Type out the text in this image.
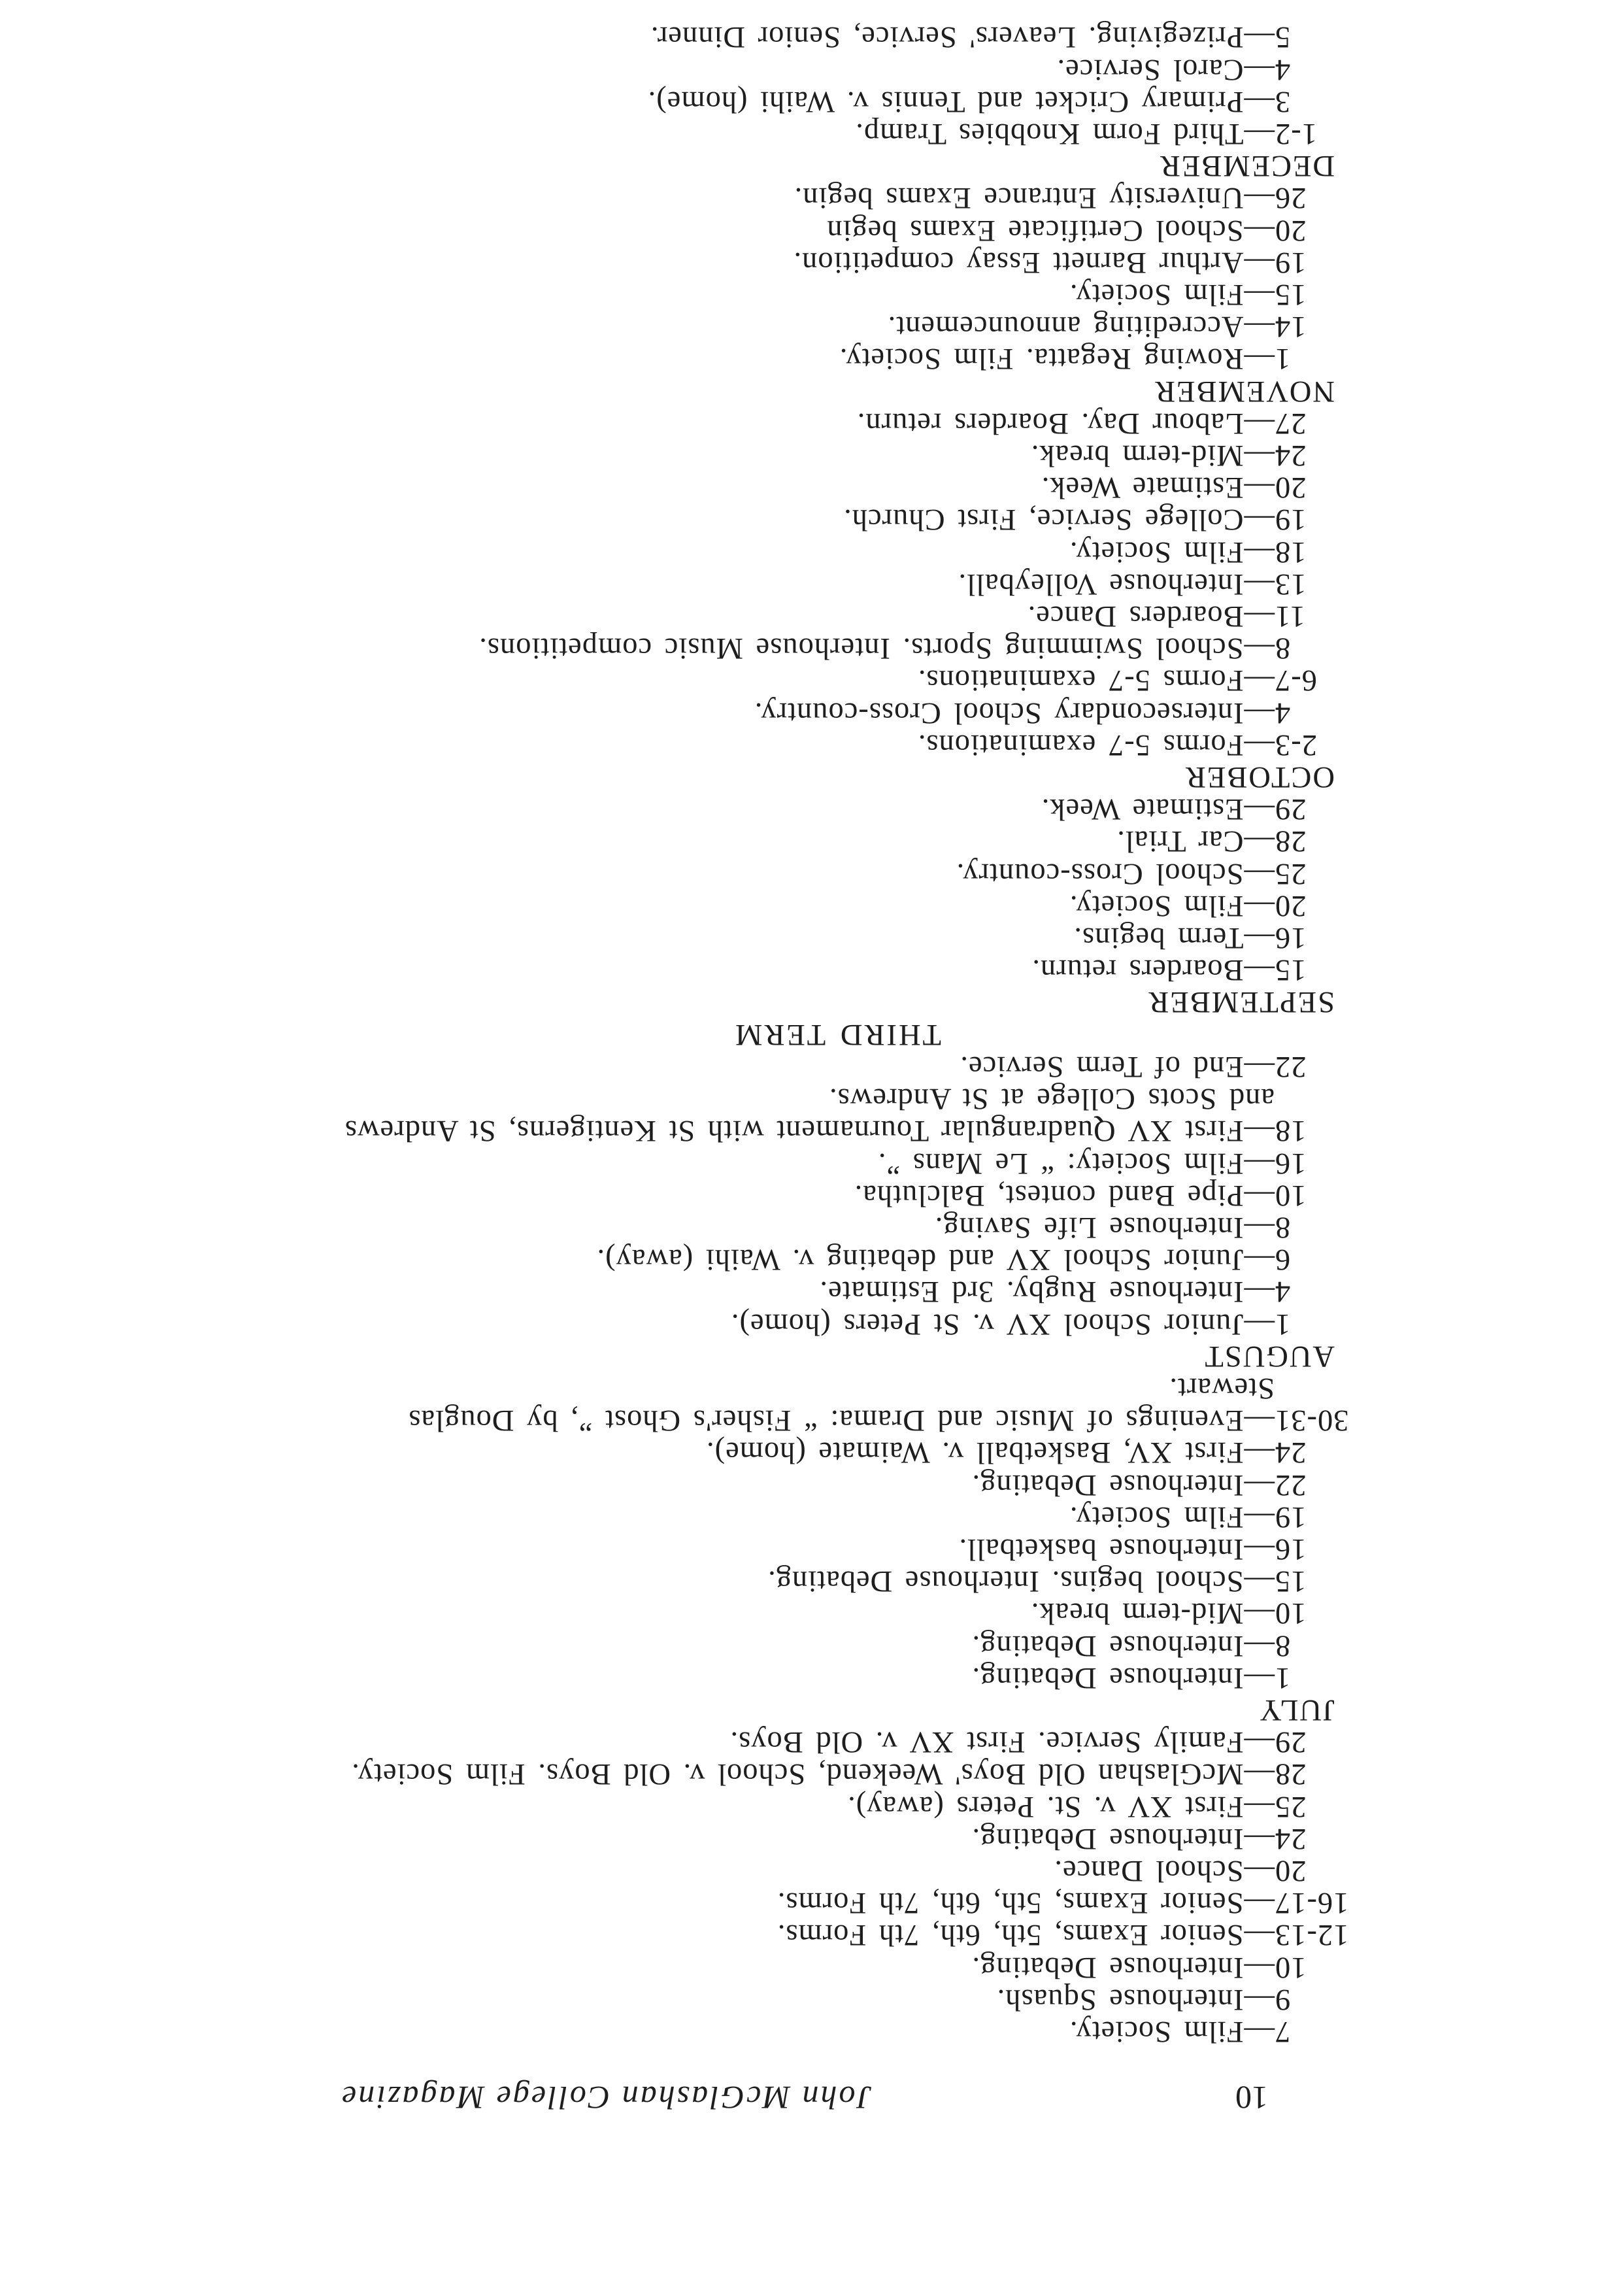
10
John McGlashan College Magazine
7
—
Film Society.
9
—
Interhouse Squash.
10
—
Interhouse Debating.
12-13
—
Senior Exams, 5th, 6th, 7th Forms.
16-17
—
Senior Exams, 5th, 6th, 7th Forms.
20
—
School Dance.
24
—
Interhouse Debating.
25
—
First XV v. St. Peters (away).
28
—
McGlashan Old Boys' Weekend, School v. Old Boys. Film Society.
29
—
Family Service. First XV v. Old Boys.
JULY
1
—
Interhouse Debating.
8
—
Interhouse Debating.
10
—
Mid-term break.
15
—
School begins. Interhouse Debating.
16
—
Interhouse basketball.
19
—
Film Society.
22
—
Interhouse Debating.
24
—
First XV, Basketball v. Waimate (home).
30-31
—
Evenings of Music and Drama: “ Fisher's Ghost ”, by Douglas
Stewart.
AUGUST
1
—
Junior School XV v. St Peters (home).
4
—
Interhouse Rugby. 3rd Estimate.
6
—
Junior School XV and debating v. Waihi (away).
8
—
Interhouse Life Saving.
10
—
Pipe Band contest, Balclutha.
16
—
Film Society: “ Le Mans ”.
18
—
First XV Quadrangular Tournament with St Kentigerns, St Andrews
and Scots College at St Andrews.
22
—
End of Term Service.
THIRD TERM
SEPTEMBER
15
—
Boarders return.
16
—
Term begins.
20
—
Film Society.
25
—
School Cross-country.
28
—
Car Trial.
29
—
Estimate Week.
OCTOBER
2-3
—
Forms 5-7 examinations.
4
—
Intersecondary School Cross-country.
6-7
—
Forms 5-7 examinations.
8
—
School Swimming Sports. Interhouse Music competitions.
11
—
Boarders Dance.
13
—
Interhouse Volleyball.
18
—
Film Society.
19
—
College Service, First Church.
20
—
Estimate Week.
24
—
Mid-term break.
27
—
Labour Day. Boarders return.
NOVEMBER
1
—
Rowing Regatta. Film Society.
14
—
Accrediting announcement.
15
—
Film Society.
19
—
Arthur Barnett Essay competition.
20
—
School Certificate Exams begin
26
—
University Entrance Exams begin.
DECEMBER
1-2
—
Third Form Knobbies Tramp.
3
—
Primary Cricket and Tennis v. Waihi (home).
4
—
Carol Service.
5
—
Prizegiving. Leavers' Service, Senior Dinner.
